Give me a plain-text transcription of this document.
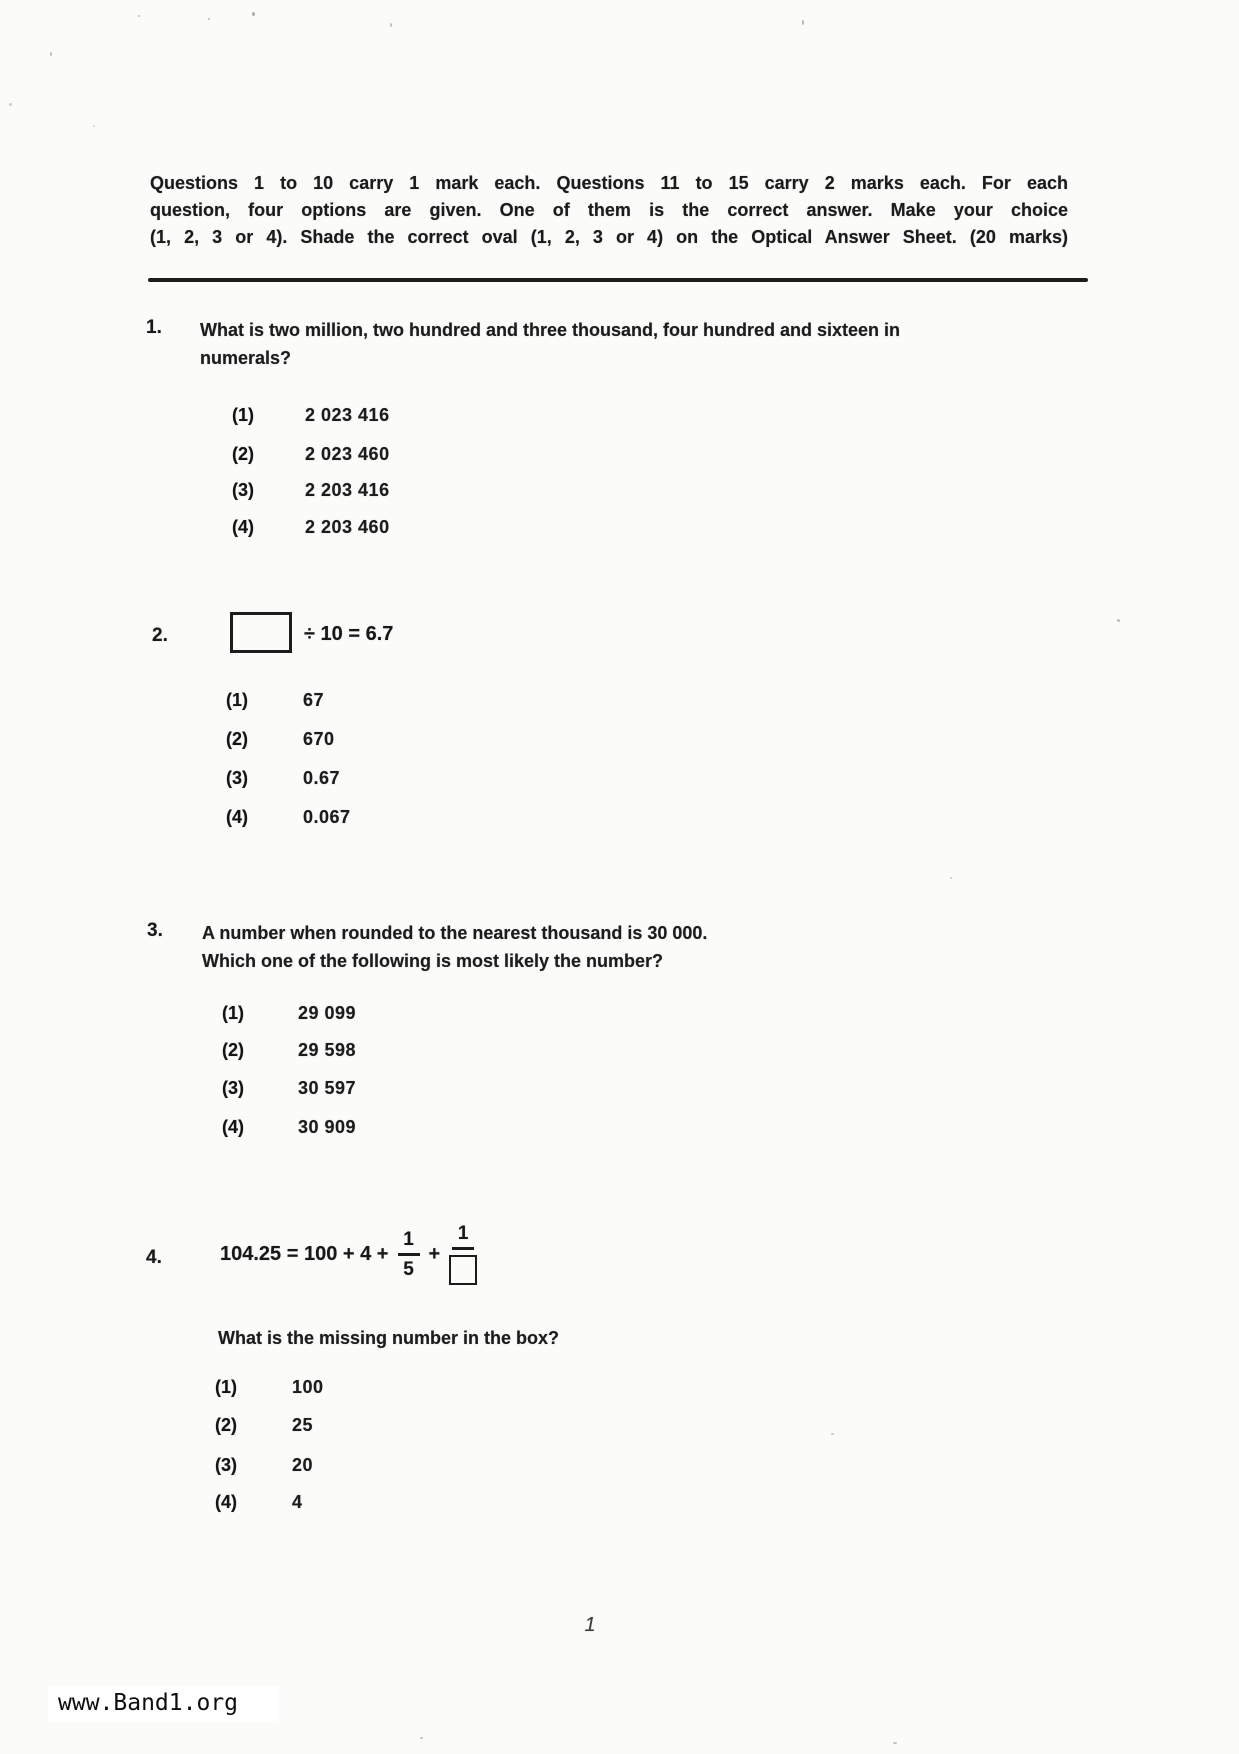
Questions 1 to 10 carry 1 mark each. Questions 11 to 15 carry 2 marks each. For each
question, four options are given. One of them is the correct answer. Make your choice
(1, 2, 3 or 4). Shade the correct oval (1, 2, 3 or 4) on the Optical Answer Sheet. (20 marks)
1. What is two million, two hundred and three thousand, four hundred and sixteen in
numerals?
(1)	2 023 416
(2)	2 023 460
(3)	2 203 416
(4)	2 203 460
2.	÷ 10 = 6.7
(1)	67
(2)	670
(3)	0.67
(4)	0.067
3. A number when rounded to the nearest thousand is 30 000.
Which one of the following is most likely the number?
(1)	29 099
(2)	29 598
(3)	30 597
(4)	30 909
4.	$104.25 = 100 + 4 + \frac{1}{5}$ +
1
What is the missing number in the box?
(1)	100
(2)	25
(3)	20
(4)	4
1
www.Band1.org
